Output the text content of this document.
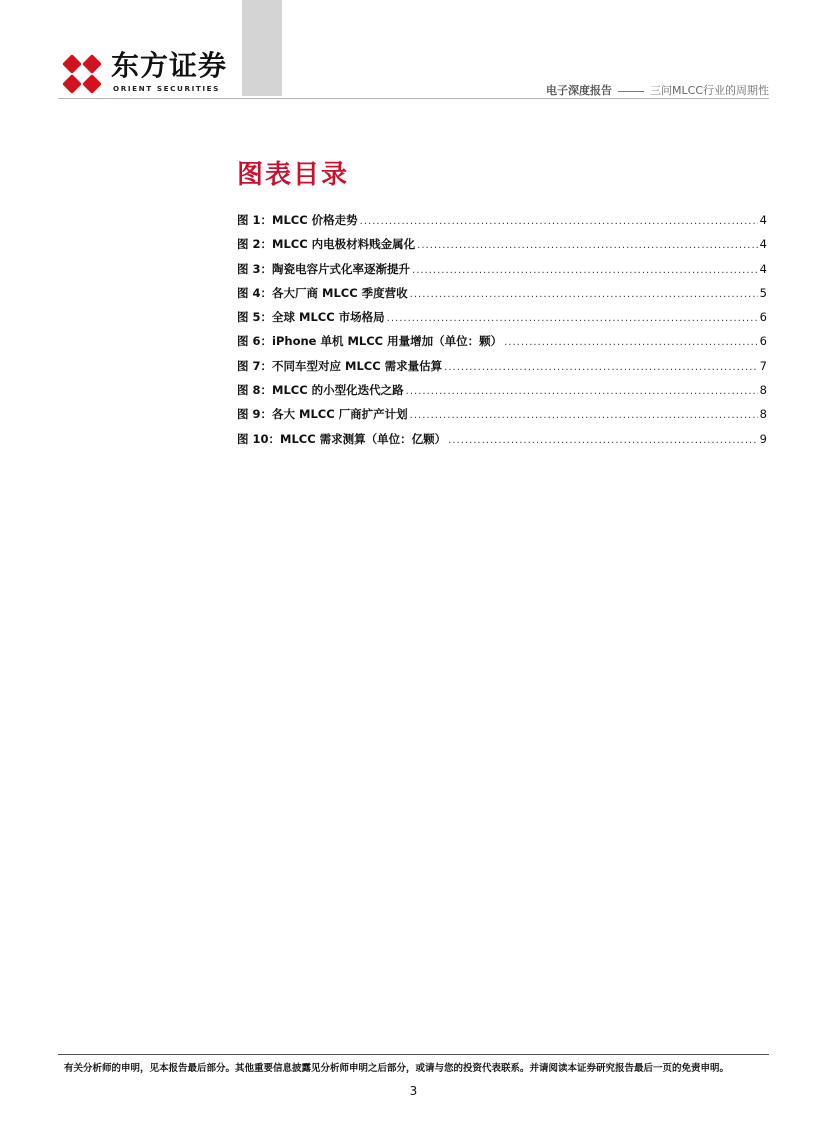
东方证券
ORIENT SECURITIES	电子深度报告	三问MLCC行业的周期性
图表目录
图 1：MLCC 价格走势 .....	4
图 2：MLCC 内电极材料贱金属化 .....	4
图 3：陶瓷电容片式化率逐渐提升 .....	4
图 4：各大厂商 MLCC 季度营收 .....	5
图 5：全球 MLCC 市场格局 .....	6
图 6：iPhone 单机 MLCC 用量增加（单位：颗） .....	6
图 7：不同车型对应 MLCC 需求量估算 .....	7
图 8：MLCC 的小型化迭代之路 .....	8
图 9：各大 MLCC 厂商扩产计划 .....	8
图 10：MLCC 需求测算（单位：亿颗） .....	9
有关分析师的申明，见本报告最后部分。其他重要信息披露见分析师申明之后部分，或请与您的投资代表联系。并请阅读本证券研究报告最后一页的免责申明。
3
